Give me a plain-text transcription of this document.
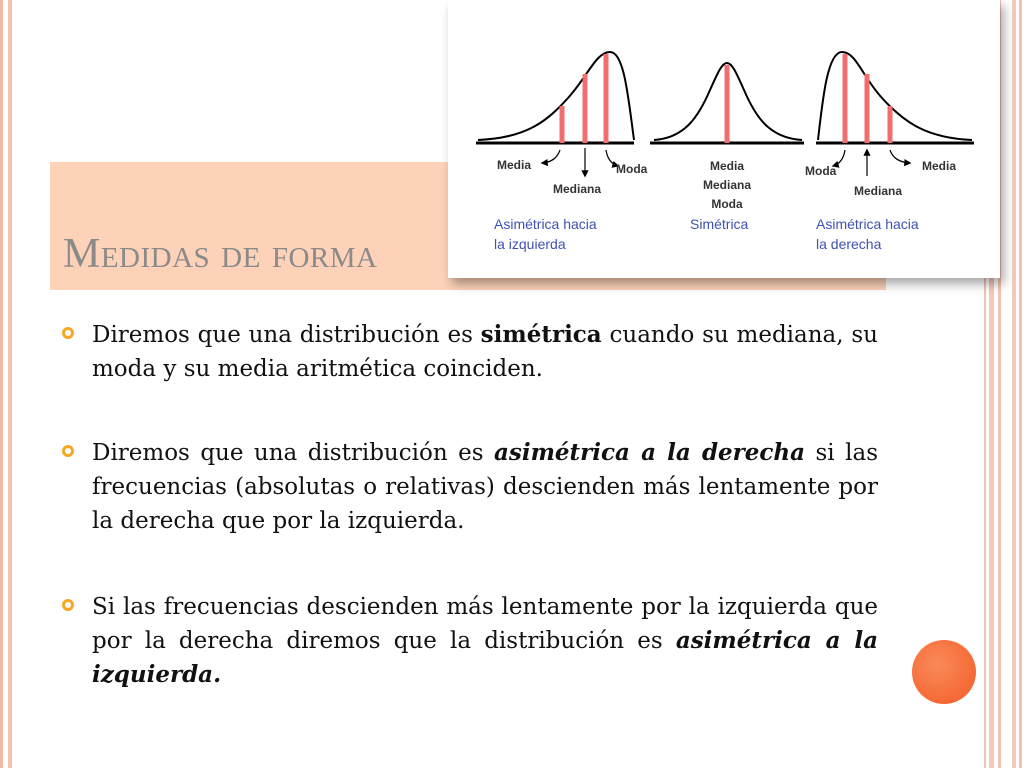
Medidas de forma
Media
Mediana
Moda
Asimétrica hacia
la izquierda
Media
Mediana
Moda
Simétrica
Moda
Mediana
Media
Asimétrica hacia
la derecha
Diremos que una distribución es simétrica cuando su mediana, su moda y su media aritmética coinciden.
Diremos que una distribución es asimétrica a la derecha si las frecuencias (absolutas o relativas) descienden más lentamente por la derecha que por la izquierda.
Si las frecuencias descienden más lentamente por la izquierda que por la derecha diremos que la distribución es asimétrica a la izquierda.
